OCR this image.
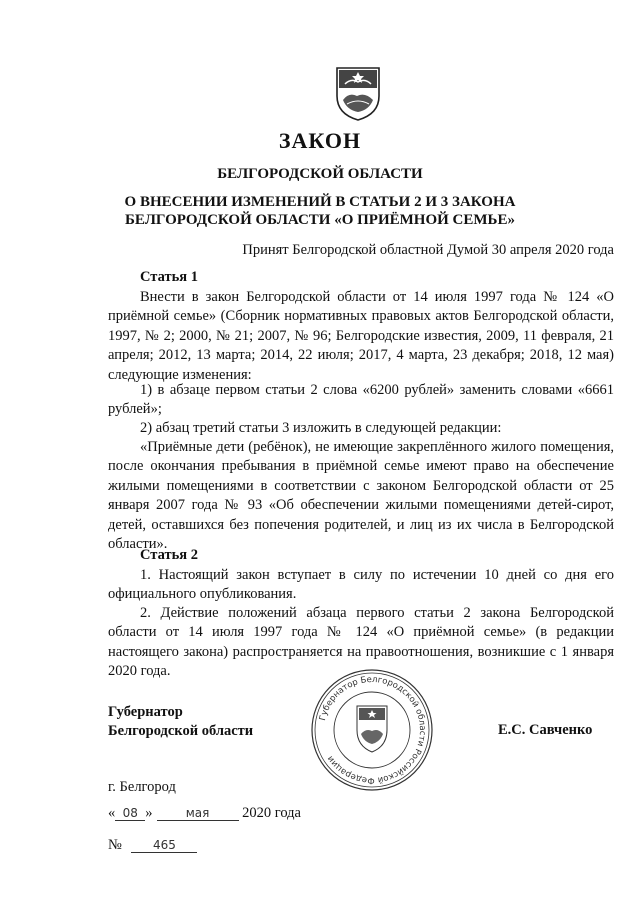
ЗАКОН
БЕЛГОРОДСКОЙ ОБЛАСТИ
О ВНЕСЕНИИ ИЗМЕНЕНИЙ В СТАТЬИ 2 И 3 ЗАКОНА
БЕЛГОРОДСКОЙ ОБЛАСТИ «О ПРИЁМНОЙ СЕМЬЕ»
Принят Белгородской областной Думой 30 апреля 2020 года
Статья 1
Внести в закон Белгородской области от 14 июля 1997 года № 124 «О приёмной семье» (Сборник нормативных правовых актов Белгородской области, 1997, № 2; 2000, № 21; 2007, № 96; Белгородские известия, 2009, 11 февраля, 21 апреля; 2012, 13 марта; 2014, 22 июля; 2017, 4 марта, 23 декабря; 2018, 12 мая) следующие изменения:
1) в абзаце первом статьи 2 слова «6200 рублей» заменить словами «6661 рублей»;
2) абзац третий статьи 3 изложить в следующей редакции:
«Приёмные дети (ребёнок), не имеющие закреплённого жилого помещения, после окончания пребывания в приёмной семье имеют право на обеспечение жилыми помещениями в соответствии с законом Белгородской области от 25 января 2007 года № 93 «Об обеспечении жилыми помещениями детей-сирот, детей, оставшихся без попечения родителей, и лиц из их числа в Белгородской области».
Статья 2
1. Настоящий закон вступает в силу по истечении 10 дней со дня его официального опубликования.
2. Действие положений абзаца первого статьи 2 закона Белгородской области от 14 июля 1997 года № 124 «О приёмной семье» (в редакции настоящего закона) распространяется на правоотношения, возникшие с 1 января 2020 года.
Губернатор
Белгородской области
Губернатор Белгородской области Российской Федерации
Е.С. Савченко
г. Белгород
« 08 »	мая 2020 года
№	465
